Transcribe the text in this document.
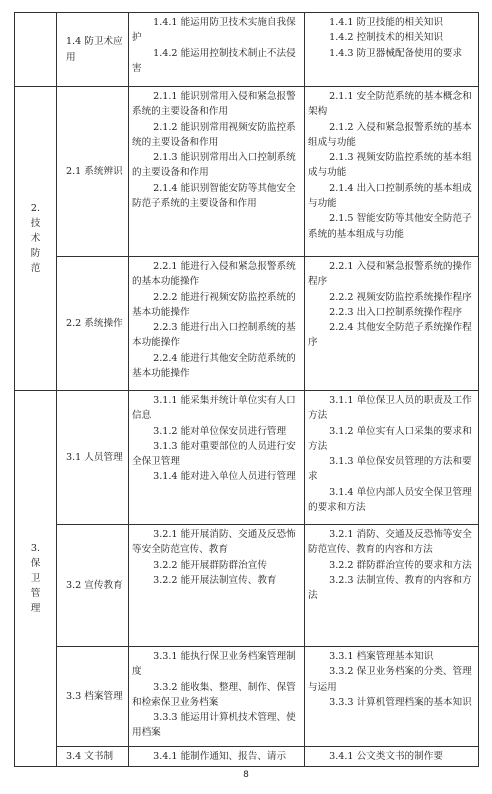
	1.4 防卫术应用	1.4.1 能运用防卫技术实施自我保护
1.4.2 能运用控制技术制止不法侵害	1.4.1 防卫技能的相关知识
1.4.2 控制技术的相关知识
1.4.3 防卫器械配备使用的要求

2.技术防范	2.1 系统辨识	2.1.1 能识别常用入侵和紧急报警系统的主要设备和作用
2.1.2 能识别常用视频安防监控系统的主要设备和作用
2.1.3 能识别常用出入口控制系统的主要设备和作用
2.1.4 能识别智能安防等其他安全防范子系统的主要设备和作用	2.1.1 安全防范系统的基本概念和架构
2.1.2 入侵和紧急报警系统的基本组成与功能
2.1.3 视频安防监控系统的基本组成与功能
2.1.4 出入口控制系统的基本组成与功能
2.1.5 智能安防等其他安全防范子系统的基本组成与功能

	2.2 系统操作	2.2.1 能进行入侵和紧急报警系统的基本功能操作
2.2.2 能进行视频安防监控系统的基本功能操作
2.2.3 能进行出入口控制系统的基本功能操作
2.2.4 能进行其他安全防范系统的基本功能操作	2.2.1 入侵和紧急报警系统的操作程序
2.2.2 视频安防监控系统操作程序
2.2.3 出入口控制系统操作程序
2.2.4 其他安全防范子系统操作程序

3.保卫管理	3.1 人员管理	3.1.1 能采集并统计单位实有人口信息
3.1.2 能对单位保安员进行管理
3.1.3 能对重要部位的人员进行安全保卫管理
3.1.4 能对进入单位人员进行管理	3.1.1 单位保卫人员的职责及工作方法
3.1.2 单位实有人口采集的要求和方法
3.1.3 单位保安员管理的方法和要求
3.1.4 单位内部人员安全保卫管理的要求和方法

	3.2 宣传教育	3.2.1 能开展消防、交通及反恐怖等安全防范宣传、教育
3.2.2 能开展群防群治宣传
3.2.2 能开展法制宣传、教育	3.2.1 消防、交通及反恐怖等安全防范宣传、教育的内容和方法
3.2.2 群防群治宣传的要求和方法
3.2.3 法制宣传、教育的内容和方法

	3.3 档案管理	3.3.1 能执行保卫业务档案管理制度
3.3.2 能收集、整理、制作、保管和检索保卫业务档案
3.3.3 能运用计算机技术管理、使用档案	3.3.1 档案管理基本知识
3.3.2 保卫业务档案的分类、管理与运用
3.3.3 计算机管理档案的基本知识

	3.4 文书制	3.4.1 能制作通知、报告、请示	3.4.1 公文类文书的制作要
8
